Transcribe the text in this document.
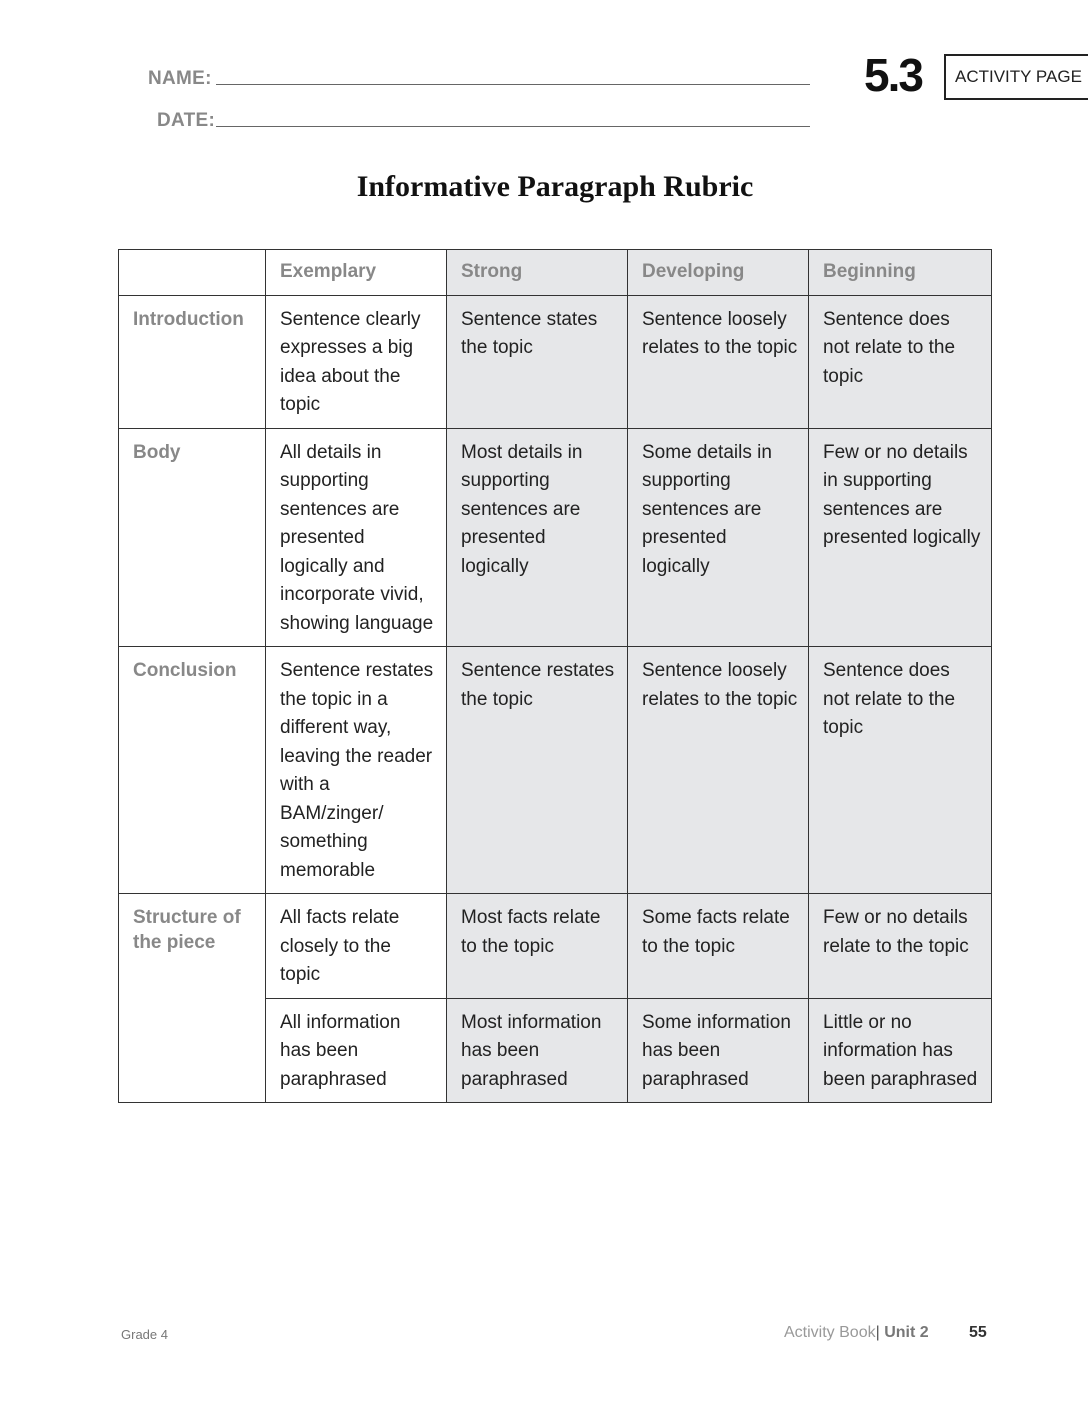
NAME:
DATE:
5.3 ACTIVITY PAGE
Informative Paragraph Rubric
	Exemplary	Strong	Developing	Beginning
Introduction	Sentence clearly expresses a big idea about the topic	Sentence states the topic	Sentence loosely relates to the topic	Sentence does not relate to the topic
Body	All details in supporting sentences are presented logically and incorporate vivid, showing language	Most details in supporting sentences are presented logically	Some details in supporting sentences are presented logically	Few or no details in supporting sentences are presented logically
Conclusion	Sentence restates the topic in a different way, leaving the reader with a BAM/zinger/ something memorable	Sentence restates the topic	Sentence loosely relates to the topic	Sentence does not relate to the topic
Structure of the piece	All facts relate closely to the topic	Most facts relate to the topic	Some facts relate to the topic	Few or no details relate to the topic
	All information has been paraphrased	Most information has been paraphrased	Some information has been paraphrased	Little or no information has been paraphrased
Grade 4	Activity Book| Unit 2	55
